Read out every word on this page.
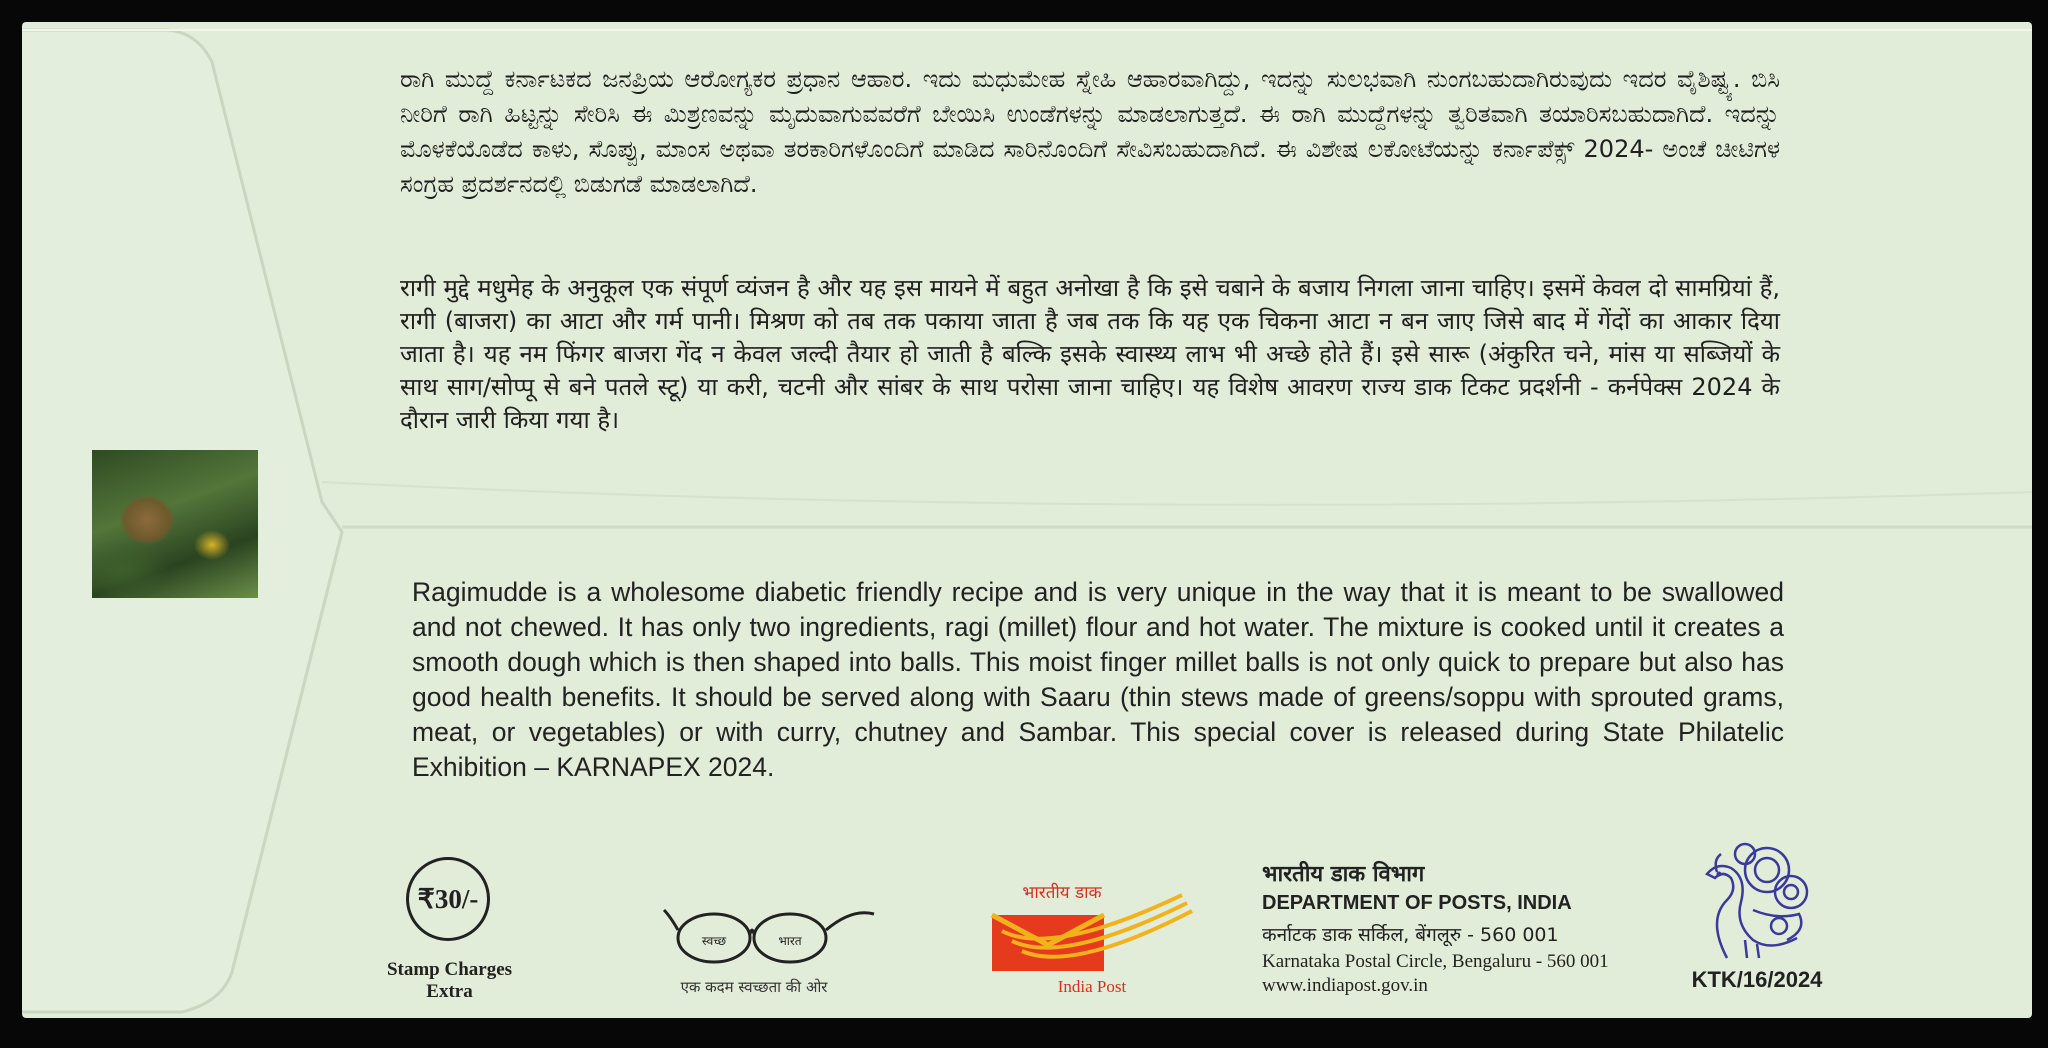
ರಾಗಿ ಮುದ್ದೆ ಕರ್ನಾಟಕದ ಜನಪ್ರಿಯ ಆರೋಗ್ಯಕರ ಪ್ರಧಾನ ಆಹಾರ. ಇದು ಮಧುಮೇಹ ಸ್ನೇಹಿ ಆಹಾರವಾಗಿದ್ದು, ಇದನ್ನು ಸುಲಭವಾಗಿ ನುಂಗಬಹುದಾಗಿರುವುದು ಇದರ ವೈಶಿಷ್ಟ್ಯ. ಬಿಸಿ ನೀರಿಗೆ ರಾಗಿ ಹಿಟ್ಟನ್ನು ಸೇರಿಸಿ ಈ ಮಿಶ್ರಣವನ್ನು ಮೃದುವಾಗುವವರೆಗೆ ಬೇಯಿಸಿ ಉಂಡೆಗಳನ್ನು ಮಾಡಲಾಗುತ್ತದೆ. ಈ ರಾಗಿ ಮುದ್ದೆಗಳನ್ನು ತ್ವರಿತವಾಗಿ ತಯಾರಿಸಬಹುದಾಗಿದೆ. ಇದನ್ನು ಮೊಳಕೆಯೊಡೆದ ಕಾಳು, ಸೊಪ್ಪು, ಮಾಂಸ ಅಥವಾ ತರಕಾರಿಗಳೊಂದಿಗೆ ಮಾಡಿದ ಸಾರಿನೊಂದಿಗೆ ಸೇವಿಸಬಹುದಾಗಿದೆ. ಈ ವಿಶೇಷ ಲಕೋಟೆಯನ್ನು ಕರ್ನಾಪೆಕ್ಸ್ 2024- ಅಂಚೆ ಚೀಟಿಗಳ ಸಂಗ್ರಹ ಪ್ರದರ್ಶನದಲ್ಲಿ ಬಿಡುಗಡೆ ಮಾಡಲಾಗಿದೆ.
रागी मुद्दे मधुमेह के अनुकूल एक संपूर्ण व्यंजन है और यह इस मायने में बहुत अनोखा है कि इसे चबाने के बजाय निगला जाना चाहिए। इसमें केवल दो सामग्रियां हैं, रागी (बाजरा) का आटा और गर्म पानी। मिश्रण को तब तक पकाया जाता है जब तक कि यह एक चिकना आटा न बन जाए जिसे बाद में गेंदों का आकार दिया जाता है। यह नम फिंगर बाजरा गेंद न केवल जल्दी तैयार हो जाती है बल्कि इसके स्वास्थ्य लाभ भी अच्छे होते हैं। इसे सारू (अंकुरित चने, मांस या सब्जियों के साथ साग/सोप्पू से बने पतले स्टू) या करी, चटनी और सांबर के साथ परोसा जाना चाहिए। यह विशेष आवरण राज्य डाक टिकट प्रदर्शनी - कर्नपेक्स 2024 के दौरान जारी किया गया है।
Ragimudde is a wholesome diabetic friendly recipe and is very unique in the way that it is meant to be swallowed and not chewed. It has only two ingredients, ragi (millet) flour and hot water. The mixture is cooked until it creates a smooth dough which is then shaped into balls. This moist finger millet balls is not only quick to prepare but also has good health benefits. It should be served along with Saaru (thin stews made of greens/soppu with sprouted grams, meat, or vegetables) or with curry, chutney and Sambar. This special cover is released during State Philatelic Exhibition – KARNAPEX 2024.
₹30/-
Stamp Charges Extra
स्वच्छ	भारत
एक कदम स्वच्छता की ओर
भारतीय डाक
India Post
भारतीय डाक विभाग
DEPARTMENT OF POSTS, INDIA
कर्नाटक डाक सर्किल, बेंगलूरु - 560 001
Karnataka Postal Circle, Bengaluru - 560 001
www.indiapost.gov.in	KTK/16/2024
